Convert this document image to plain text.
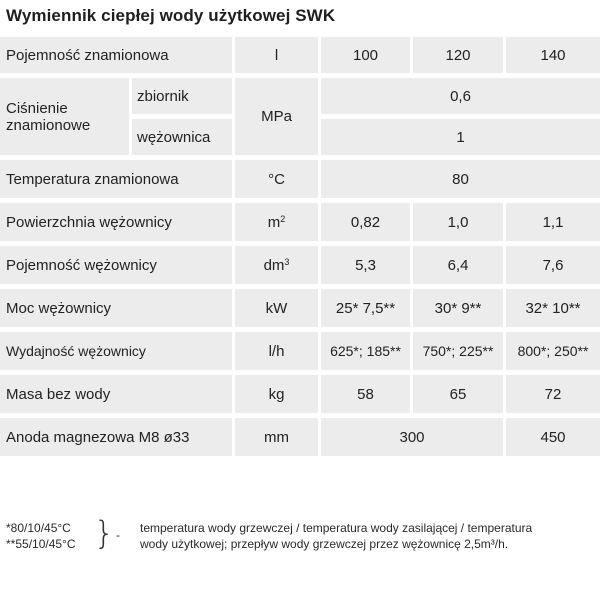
Wymiennik ciepłej wody użytkowej SWK
Pojemność znamionowa		l	100	120	140
Ciśnienie znamionowe	zbiornik	MPa	0,6		
	wężownica		1		
Temperatura znamionowa		°C	80		
Powierzchnia wężownicy		$m^2$	0,82	1,0	1,1
Pojemność wężownicy		$dm^3$	5,3	6,4	7,6
Moc wężownicy		kW	25* 7,5**	30* 9**	32* 10**
Wydajność wężownicy		l/h	625*; 185**	750*; 225**	800*; 250**
Masa bez wody		kg	58	65	72
Anoda magnezowa M8 ø33		mm	300		450
*80/10/45°C
**55/10/45°C } - temperatura wody grzewczej / temperatura wody zasilającej / temperatura
wody użytkowej; przepływ wody grzewczej przez wężownicę 2,5m³/h.
